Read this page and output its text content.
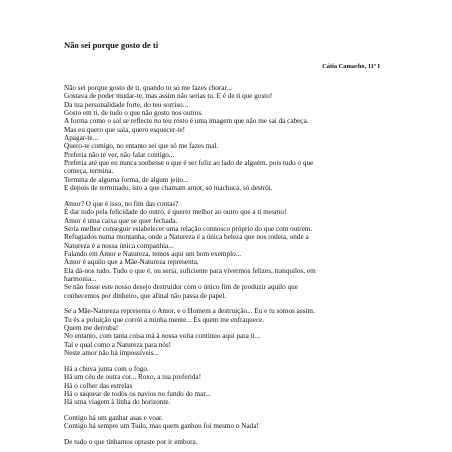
Não sei porque gosto de ti
Cátia Camacho, 11º I
Não sei porque gosto de ti, quando tu só me fazes chorar...
Gostava de poder mudar-te, mas assim não serias tu. E é de ti que gosto!
Da tua personalidade forte, do teu sorriso...
Gosto em ti, de tudo o que não gosto nos outros.
A forma como o sol se reflecte no teu rosto é uma imagem que não me sai da cabeça.
Mas eu quero que saia, quero esquecer-te!
Apagar-te...
Quero-te comigo, no entanto sei que só me fazes mal.
Preferia não te ver, não falar contigo...
Preferia até que eu nunca soubesse o que é ser feliz ao lado de alguém, pois tudo o que
começa, termina.
Termina de alguma forma, de algum jeito...
E depois de terminado, isto a que chamam amor, só machuca, só destrói.
Amor? O que é isso, no fim das contas?
É dar tudo pela felicidade do outro, é querer melhor ao outro que a ti mesmo!
Amor é uma caixa que se quer fechada.
Seria melhor conseguir estabelecer uma relação connosco próprio do que com outrem.
Refugiados numa montanha, onde a Natureza é a única beleza que nos rodeia, onde a
Natureza é a nossa única companhia...
Falando em Amor e Natureza, temos aqui um bom exemplo...
Amor é aquilo que a Mãe-Natureza representa.
Ela dá-nos tudo. Tudo o que é, ou seria, suficiente para vivermos felizes, tranquilos, em
harmonia...
Se não fosse este nosso desejo destruidor com o único fim de produzir aquilo que
conhecemos por dinheiro, que afinal não passa de papel.
Se a Mãe-Natureza representa o Amor, e o Homem a destruição... Eu e tu somos assim.
Tu és a poluição que corrói a minha mente... És quem me enfraquece.
Quem me derruba!
No entanto, com tanta coisa má à nossa volta continuo aqui para ti...
Tal e qual como a Natureza para nós!
Neste amor não há impossíveis...
Há a chuva junta com o fogo.
Há um céu de outra cor... Roxo, a tua preferida!
Há o colher das estrelas
Há o saquear de todos os navios no fundo do mar...
Há uma viagem à linha do horizonte.
Contigo há um ganhar asas e voar.
Contigo há sempre um Tudo, mas quem ganhou foi mesmo o Nada!
De tudo o que tínhamos optaste por ir embora.
